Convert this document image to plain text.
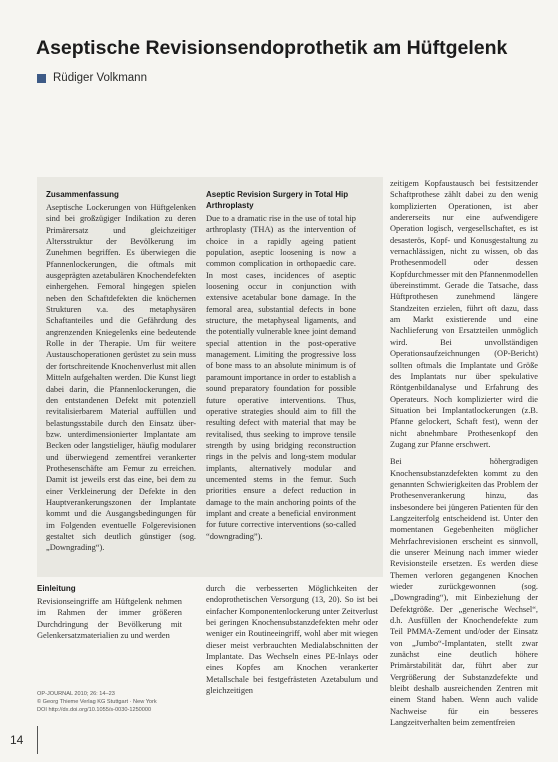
Aseptische Revisionsendoprothetik am Hüftgelenk
Rüdiger Volkmann
Zusammenfassung

Aseptische Lockerungen von Hüftgelenken sind bei großzügiger Indikation zu deren Primärersatz und gleichzeitiger Altersstruktur der Bevölkerung im Zunehmen begriffen. Es überwiegen die Pfannenlockerungen, die oftmals mit ausgeprägten azetabulären Knochendefekten einhergehen. Femoral hingegen spielen neben den Schaftdefekten die knöchernen Strukturen v.a. des metaphysären Schaftanteiles und die Gefährdung des angrenzenden Kniegelenks eine bedeutende Rolle in der Therapie. Um für weitere Austauschoperationen gerüstet zu sein muss der fortschreitende Knochenverlust mit allen Mitteln aufgehalten werden. Die Kunst liegt dabei darin, die Pfannenlockerungen, die den entstandenen Defekt mit potenziell revitalisierbarem Material auffüllen und belastungsstabile durch den Einsatz über- bzw. unterdimensionierter Implantate am Becken oder langstieliger, häufig modularer und überwiegend zementfrei verankerter Prothesenschäfte am Femur zu erreichen. Damit ist jeweils erst das eine, bei dem zu einer Verkleinerung der Defekte in den Hauptverankerungszonen der Implantate kommt und die Ausgangsbedingungen für im Folgenden eventuelle Folgerevisionen gestaltet sich deutlich günstiger (sog. „Downgrading“).

Aseptic Revision Surgery in Total Hip Arthroplasty

Due to a dramatic rise in the use of total hip arthroplasty (THA) as the intervention of choice in a rapidly ageing patient population, aseptic loosening is now a common complication in orthopaedic care. In most cases, incidences of aseptic loosening occur in conjunction with extensive acetabular bone damage. In the femoral area, substantial defects in bone structure, the metaphyseal ligaments, and the potentially vulnerable knee joint demand special attention in the post-operative management. Limiting the progressive loss of bone mass to an absolute minimum is of paramount importance in order to establish a sound preparatory foundation for possible future operative interventions. Thus, operative strategies should aim to fill the resulting defect with material that may be revitalised, thus seeking to improve tensile strength by using bridging reconstruction rings in the pelvis and long-stem modular implants, alternatively modular and uncemented stems in the femur. Such priorities ensure a defect reduction in damage to the main anchoring points of the implant and create a beneficial environment for future corrective interventions (so-called “downgrading”).

zeitigem Kopfaustausch bei festsitzender Schaftprothese zählt dabei zu den wenig komplizierten Operationen, ist aber andererseits nur eine aufwendigere Operation logisch, vergesellschaftet, es ist desasterös, Kopf- und Konusgestaltung zu vernachlässigen, nicht zu wissen, ob das Prothesenmodell oder dessen Kopfdurchmesser mit den Pfannenmodellen übereinstimmt. Gerade die Tatsache, dass Hüftprothesen zunehmend längere Standzeiten erzielen, führt oft dazu, dass am Markt existierende und eine Nachlieferung von Ersatzteilen unmöglich wird. Bei unvollständigen Operationsaufzeichnungen (OP-Bericht) sollten oftmals die Implantate und Größe des Implantats nur über spekulative Röntgenbildanalyse und Erfahrung des Operateurs. Noch komplizierter wird die Situation bei Implantatlockerungen (z.B. Pfanne gelockert, Schaft fest), wenn der nicht abnehmbare Prothesenkopf den Zugang zur Pfanne erschwert.

Bei höhergradigen Knochensubstanzdefekten kommt zu den genannten Schwierigkeiten das Problem der Prothesenverankerung hinzu, das insbesondere bei jüngeren Patienten für den Langzeiterfolg entscheidend ist. Unter den momentanen Gegebenheiten möglicher Mehrfachrevisionen erscheint es sinnvoll, die unserer Meinung nach immer wieder Revisionsteile ersetzen. Es werden diese Themen verloren gegangenen Knochen wieder zurückgewonnen (sog. „Downgrading“), mit Einbeziehung der Defektgröße. Der „generische Wechsel“, d.h. Ausfüllen der Knochendefekte zum Teil PMMA-Zement und/oder der Einsatz von „Jumbo“-Implantaten, stellt zwar zunächst eine deutlich höhere Primärstabilität dar, führt aber zur Vergrößerung der Substanzdefekte und bleibt deshalb ausreichenden Zentren mit einem Stand haben. Wenn auch valide Nachweise für ein besseres Langzeitverhalten beim zementfreien

Einleitung

Revisionseingriffe am Hüftgelenk nehmen im Rahmen der immer größeren Durchdringung der Bevölkerung mit Gelenkersatzmaterialien zu und werden

durch die verbesserten Möglichkeiten der endoprothetischen Versorgung (13, 20). So ist bei einfacher Komponentenlockerung unter Zeitverlust bei geringen Knochensubstanzdefekten mehr oder weniger ein Routineeingriff, wohl aber mit wiegen dieser meist verbrauchten Medialabschnitten der Implantate. Das Wechseln eines PE-Inlays oder eines Kopfes am Knochen verankerter Metallschale bei festgefrästeten Azetabulum und gleichzeitigen

OP-JOURNAL 2010; 26: 14–23
© Georg Thieme Verlag KG Stuttgart · New York
DOI http://dx.doi.org/10.1055/s-0030-1250000
14
